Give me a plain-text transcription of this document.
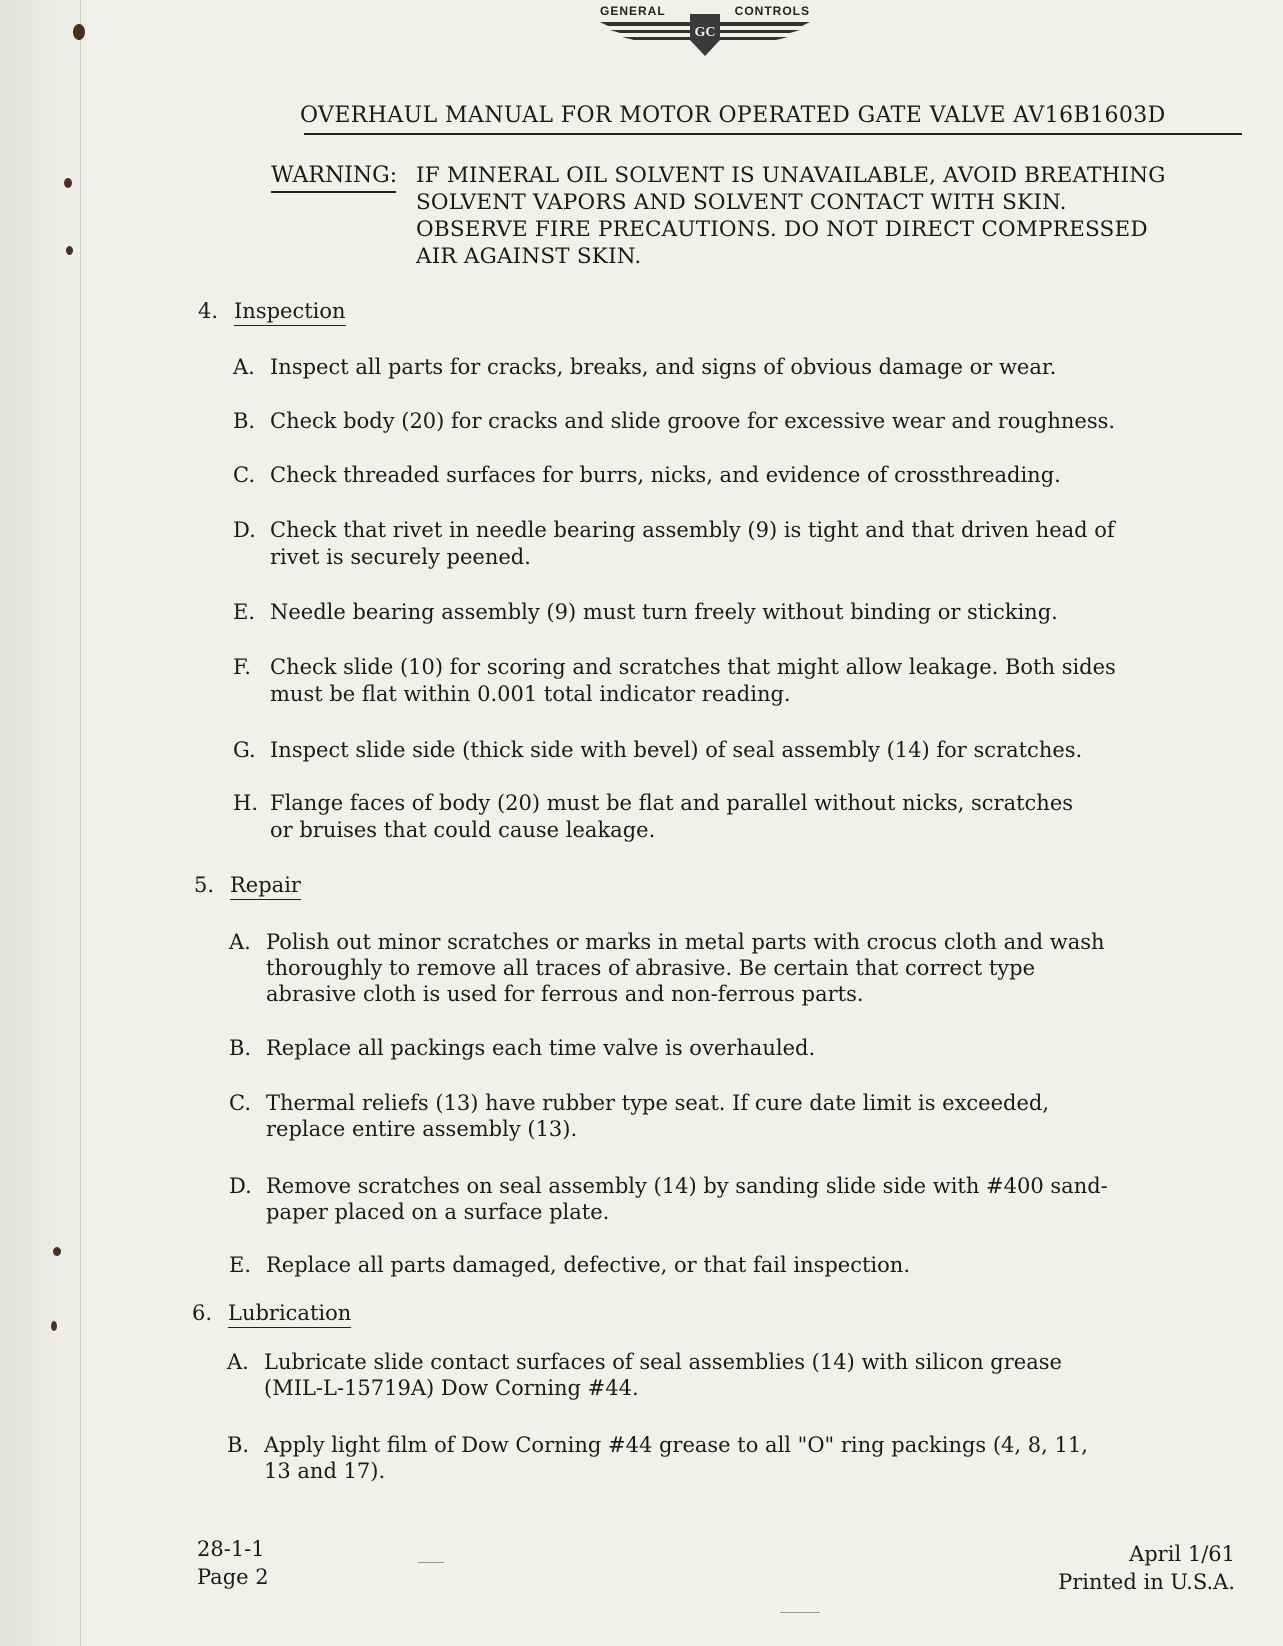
GC
GENERAL	CONTROLS
OVERHAUL MANUAL FOR MOTOR OPERATED GATE VALVE AV16B1603D
WARNING: IF MINERAL OIL SOLVENT IS UNAVAILABLE, AVOID BREATHING
SOLVENT VAPORS AND SOLVENT CONTACT WITH SKIN.
OBSERVE FIRE PRECAUTIONS. DO NOT DIRECT COMPRESSED
AIR AGAINST SKIN.
4. Inspection
A. Inspect all parts for cracks, breaks, and signs of obvious damage or wear.
B. Check body (20) for cracks and slide groove for excessive wear and roughness.
C. Check threaded surfaces for burrs, nicks, and evidence of crossthreading.
D. Check that rivet in needle bearing assembly (9) is tight and that driven head of
rivet is securely peened.
E. Needle bearing assembly (9) must turn freely without binding or sticking.
F. Check slide (10) for scoring and scratches that might allow leakage. Both sides
must be flat within 0.001 total indicator reading.
G. Inspect slide side (thick side with bevel) of seal assembly (14) for scratches.
H. Flange faces of body (20) must be flat and parallel without nicks, scratches
or bruises that could cause leakage.
5. Repair
A. Polish out minor scratches or marks in metal parts with crocus cloth and wash
thoroughly to remove all traces of abrasive. Be certain that correct type
abrasive cloth is used for ferrous and non-ferrous parts.
B. Replace all packings each time valve is overhauled.
C. Thermal reliefs (13) have rubber type seat. If cure date limit is exceeded,
replace entire assembly (13).
D. Remove scratches on seal assembly (14) by sanding slide side with #400 sand-
paper placed on a surface plate.
E. Replace all parts damaged, defective, or that fail inspection.
6. Lubrication
A. Lubricate slide contact surfaces of seal assemblies (14) with silicon grease
(MIL-L-15719A) Dow Corning #44.
B. Apply light film of Dow Corning #44 grease to all "O" ring packings (4, 8, 11,
13 and 17).
28-1-1
Page 2
April 1/61
Printed in U.S.A.
